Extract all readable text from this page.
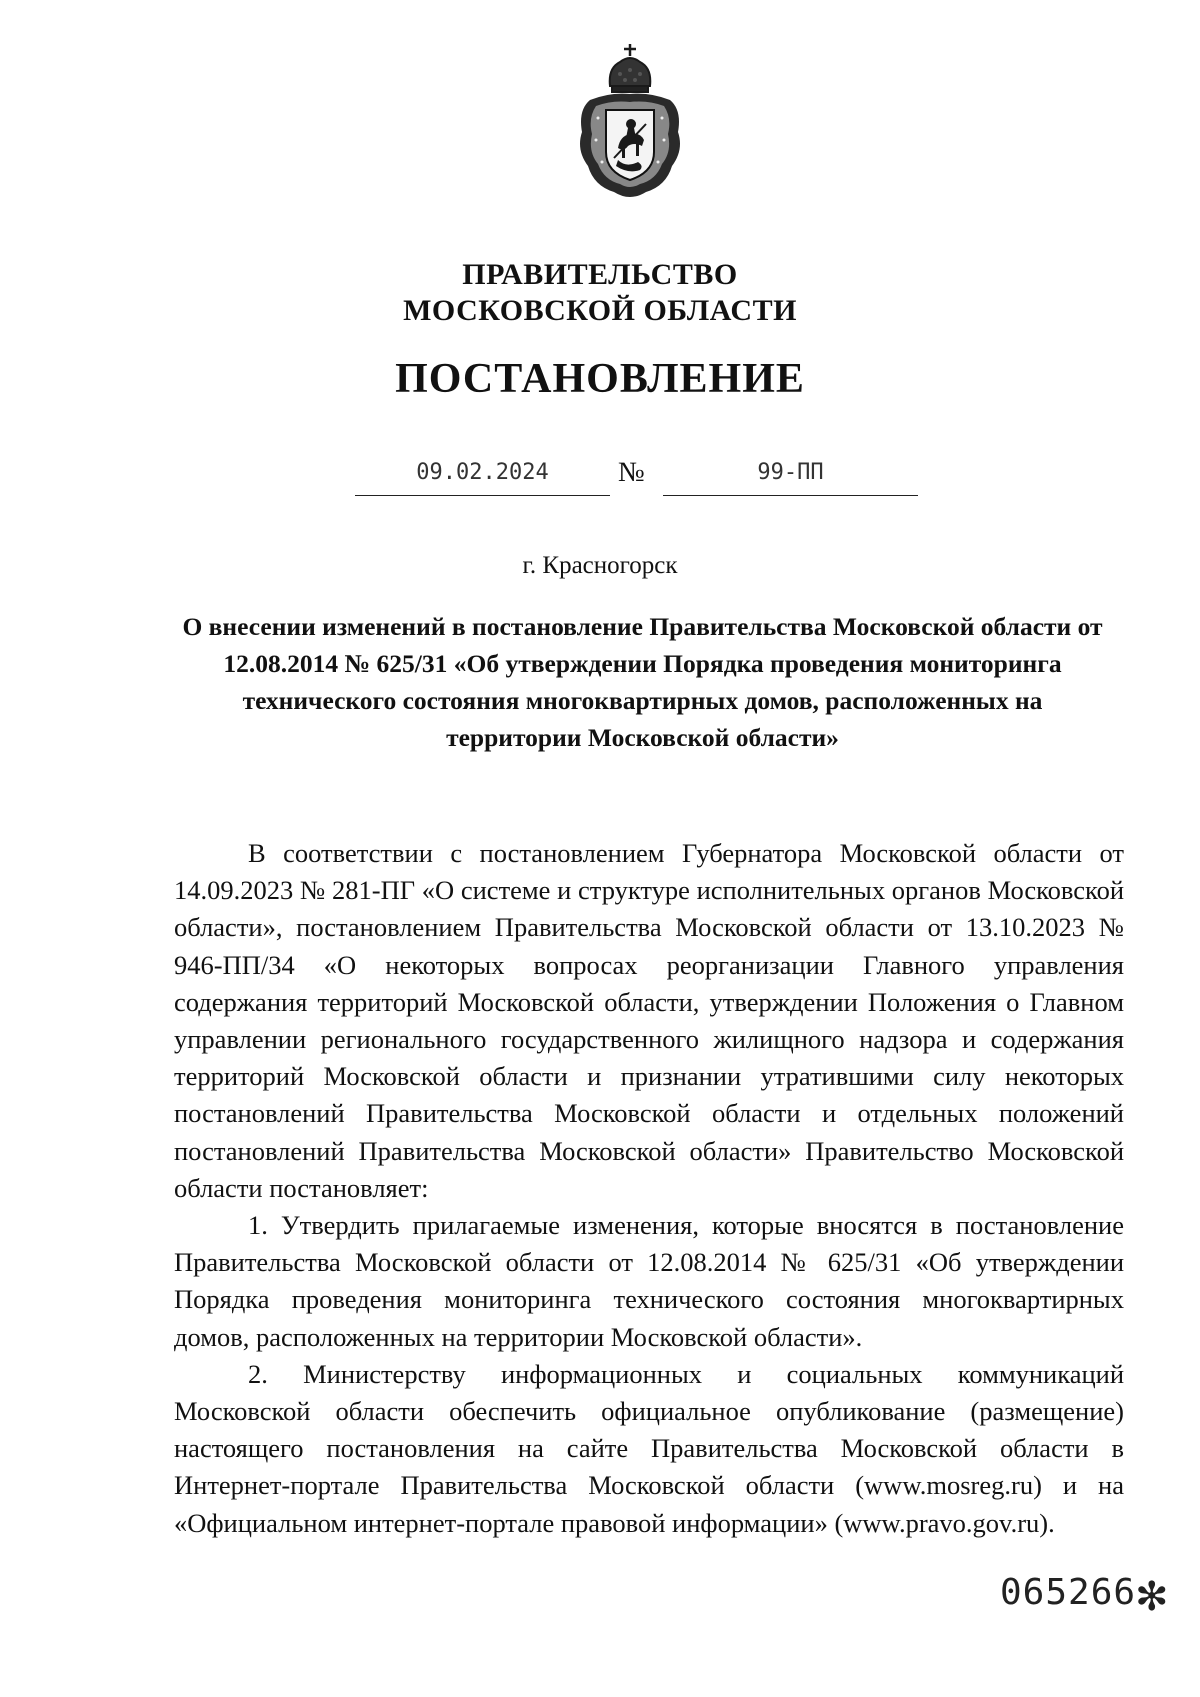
ПРАВИТЕЛЬСТВО
МОСКОВСКОЙ ОБЛАСТИ
ПОСТАНОВЛЕНИЕ
09.02.2024	№	99-ПП
г. Красногорск
О внесении изменений в постановление Правительства Московской области от 12.08.2014 № 625/31 «Об утверждении Порядка проведения мониторинга технического состояния многоквартирных домов, расположенных на территории Московской области»

В соответствии с постановлением Губернатора Московской области от 14.09.2023 № 281-ПГ «О системе и структуре исполнительных органов Московской области», постановлением Правительства Московской области от 13.10.2023 № 946-ПП/34 «О некоторых вопросах реорганизации Главного управления содержания территорий Московской области, утверждении Положения о Главном управлении регионального государственного жилищного надзора и содержания территорий Московской области и признании утратившими силу некоторых постановлений Правительства Московской области и отдельных положений постановлений Правительства Московской области» Правительство Московской области постановляет:

1. Утвердить прилагаемые изменения, которые вносятся в постановление Правительства Московской области от 12.08.2014 № 625/31 «Об утверждении Порядка проведения мониторинга технического состояния многоквартирных домов, расположенных на территории Московской области».

2. Министерству информационных и социальных коммуникаций Московской области обеспечить официальное опубликование (размещение) настоящего постановления на сайте Правительства Московской области в Интернет-портале Правительства Московской области (www.mosreg.ru) и на «Официальном интернет-портале правовой информации» (www.pravo.gov.ru).

065266
✻
